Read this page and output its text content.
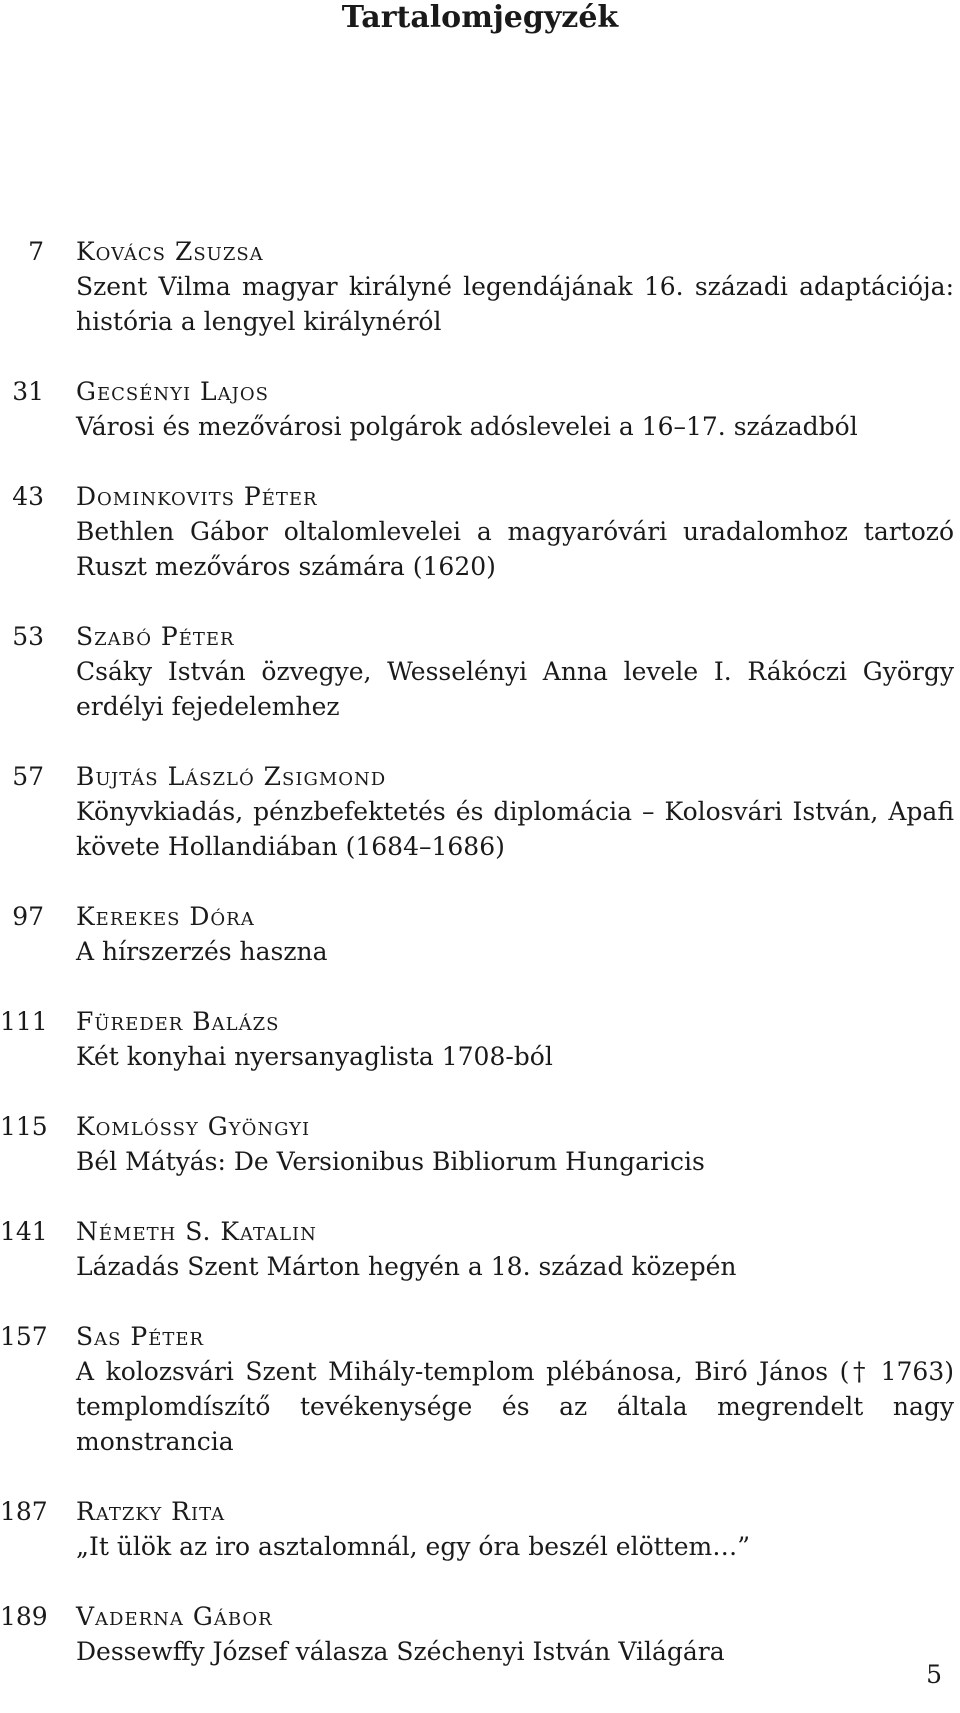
Tartalomjegyzék
7 Kovács Zsuzsa
Szent Vilma magyar királyné legendájának 16. századi adaptációja: história a lengyel királynéról
31 Gecsényi Lajos
Városi és mezővárosi polgárok adóslevelei a 16–17. századból
43 Dominkovits Péter
Bethlen Gábor oltalomlevelei a magyaróvári uradalomhoz tartozó Ruszt mezőváros számára (1620)
53 Szabó Péter
Csáky István özvegye, Wesselényi Anna levele I. Rákóczi György erdélyi fejedelemhez
57 Bujtás László Zsigmond
Könyvkiadás, pénzbefektetés és diplomácia – Kolosvári István, Apafi követe Hollandiában (1684–1686)
97 Kerekes Dóra
A hírszerzés haszna
111 Füreder Balázs
Két konyhai nyersanyaglista 1708-ból
115 Komlóssy Gyöngyi
Bél Mátyás: De Versionibus Bibliorum Hungaricis
141 Németh S. Katalin
Lázadás Szent Márton hegyén a 18. század közepén
157 Sas Péter
A kolozsvári Szent Mihály-templom plébánosa, Biró János († 1763) templomdíszítő tevékenysége és az általa megrendelt nagy monstrancia
187 Ratzky Rita
„It ülök az iro asztalomnál, egy óra beszél elöttem…”
189 Vaderna Gábor
Dessewffy József válasza Széchenyi István Világára
5
